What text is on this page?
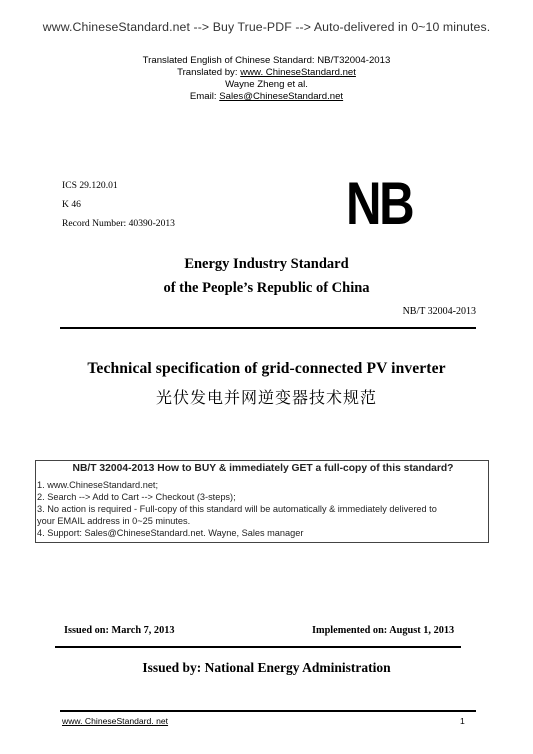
www.ChineseStandard.net --> Buy True-PDF --> Auto-delivered in 0~10 minutes.
Translated English of Chinese Standard: NB/T32004-2013
Translated by: www. ChineseStandard.net
Wayne Zheng et al.
Email: Sales@ChineseStandard.net
ICS 29.120.01
K 46
Record Number: 40390-2013	NB
Energy Industry Standard
of the People’s Republic of China
NB/T 32004-2013
Technical specification of grid-connected PV inverter
光伏发电并网逆变器技术规范
NB/T 32004-2013 How to BUY & immediately GET a full-copy of this standard?
1. www.ChineseStandard.net;
2. Search --> Add to Cart --> Checkout (3-steps);
3. No action is required - Full-copy of this standard will be automatically & immediately delivered to
your EMAIL address in 0~25 minutes.
4. Support: Sales@ChineseStandard.net. Wayne, Sales manager
Issued on: March 7, 2013	Implemented on: August 1, 2013
Issued by: National Energy Administration
www. ChineseStandard. net	1
